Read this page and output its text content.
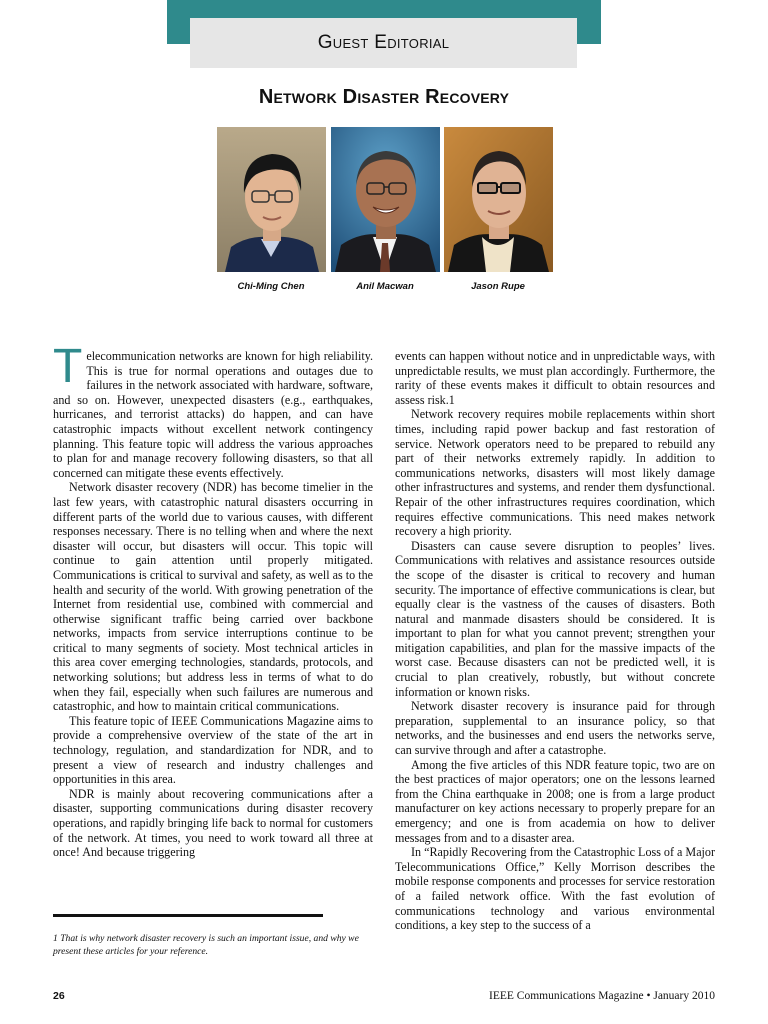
Guest Editorial
Network Disaster Recovery
Chi-Ming Chen	Anil Macwan	Jason Rupe

Telecommunication networks are known for high reliability. This is true for normal operations and outages due to failures in the network associated with hardware, software, and so on. However, unexpected disasters (e.g., earthquakes, hurricanes, and terrorist attacks) do happen, and can have catastrophic impacts without excellent network contingency planning. This feature topic will address the various approaches to plan for and manage recovery following disasters, so that all concerned can mitigate these events effectively.

Network disaster recovery (NDR) has become timelier in the last few years, with catastrophic natural disasters occurring in different parts of the world due to various causes, with different responses necessary. There is no telling when and where the next disaster will occur, but disasters will occur. This topic will continue to gain attention until properly mitigated. Communications is critical to survival and safety, as well as to the health and security of the world. With growing penetration of the Internet from residential use, combined with commercial and otherwise significant traffic being carried over backbone networks, impacts from service interruptions continue to be critical to many segments of society. Most technical articles in this area cover emerging technologies, standards, protocols, and networking solutions; but address less in terms of what to do when they fail, especially when such failures are numerous and catastrophic, and how to maintain critical communications.

This feature topic of IEEE Communications Magazine aims to provide a comprehensive overview of the state of the art in technology, regulation, and standardization for NDR, and to present a view of research and industry challenges and opportunities in this area.

NDR is mainly about recovering communications after a disaster, supporting communications during disaster recovery operations, and rapidly bringing life back to normal for customers of the network. At times, you need to work toward all three at once! And because triggering

events can happen without notice and in unpredictable ways, with unpredictable results, we must plan accordingly. Furthermore, the rarity of these events makes it difficult to obtain resources and assess risk.1

Network recovery requires mobile replacements within short times, including rapid power backup and fast restoration of service. Network operators need to be prepared to rebuild any part of their networks extremely rapidly. In addition to communications networks, disasters will most likely damage other infrastructures and systems, and render them dysfunctional. Repair of the other infrastructures requires coordination, which requires effective communications. This need makes network recovery a high priority.

Disasters can cause severe disruption to peoples’ lives. Communications with relatives and assistance resources outside the scope of the disaster is critical to recovery and human security. The importance of effective communications is clear, but equally clear is the vastness of the causes of disasters. Both natural and manmade disasters should be considered. It is important to plan for what you cannot prevent; strengthen your mitigation capabilities, and plan for the massive impacts of the worst case. Because disasters can not be predicted well, it is crucial to plan creatively, robustly, but without concrete information or known risks.

Network disaster recovery is insurance paid for through preparation, supplemental to an insurance policy, so that networks, and the businesses and end users the networks serve, can survive through and after a catastrophe.

Among the five articles of this NDR feature topic, two are on the best practices of major operators; one on the lessons learned from the China earthquake in 2008; one is from a large product manufacturer on key actions necessary to properly prepare for an emergency; and one is from academia on how to deliver messages from and to a disaster area.

In “Rapidly Recovering from the Catastrophic Loss of a Major Telecommunications Office,” Kelly Morrison describes the mobile response components and processes for service restoration of a failed network office. With the fast evolution of communications technology and various environmental conditions, a key step to the success of a

1 That is why network disaster recovery is such an important issue, and why we present these articles for your reference.
26	IEEE Communications Magazine • January 2010
